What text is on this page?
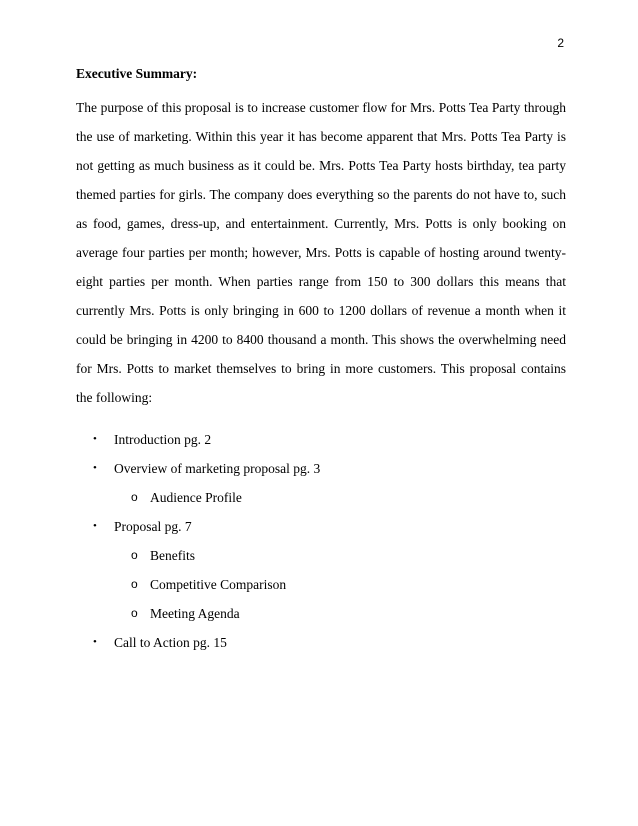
2
Executive Summary:

The purpose of this proposal is to increase customer flow for Mrs. Potts Tea Party through the use of marketing. Within this year it has become apparent that Mrs. Potts Tea Party is not getting as much business as it could be. Mrs. Potts Tea Party hosts birthday, tea party themed parties for girls. The company does everything so the parents do not have to, such as food, games, dress-up, and entertainment. Currently, Mrs. Potts is only booking on average four parties per month; however, Mrs. Potts is capable of hosting around twenty-eight parties per month. When parties range from 150 to 300 dollars this means that currently Mrs. Potts is only bringing in 600 to 1200 dollars of revenue a month when it could be bringing in 4200 to 8400 thousand a month. This shows the overwhelming need for Mrs. Potts to market themselves to bring in more customers. This proposal contains the following:

• Introduction pg. 2
• Overview of marketing proposal pg. 3
o Audience Profile
• Proposal pg. 7
o Benefits
o Competitive Comparison
o Meeting Agenda
• Call to Action pg. 15
